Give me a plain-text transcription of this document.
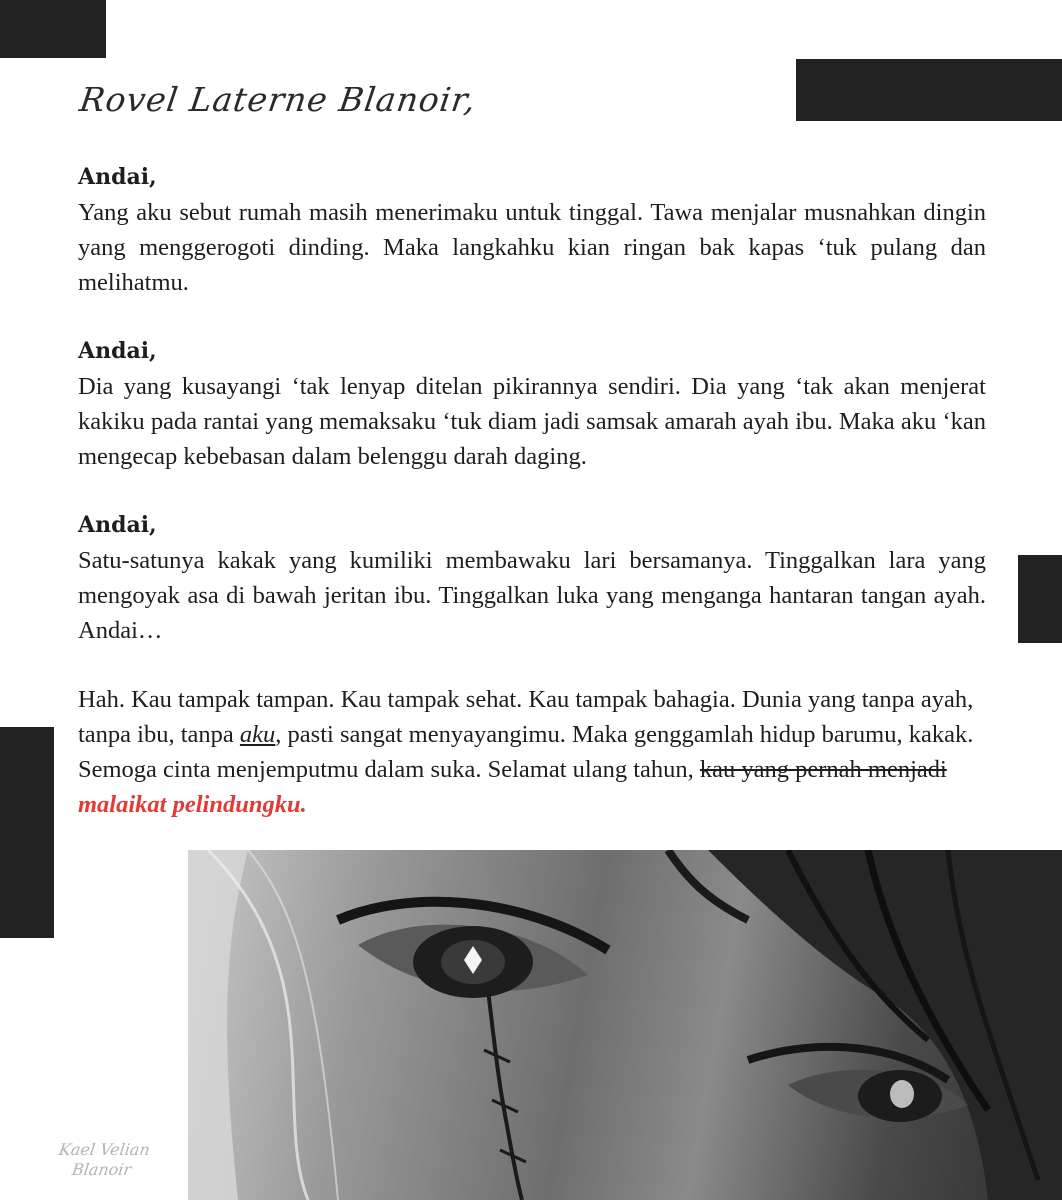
Rovel Laterne Blanoir,

Andai,
Yang aku sebut rumah masih menerimaku untuk tinggal. Tawa menjalar musnahkan dingin yang menggerogoti dinding. Maka langkahku kian ringan bak kapas ‘tuk pulang dan melihatmu.

Andai,
Dia yang kusayangi ‘tak lenyap ditelan pikirannya sendiri. Dia yang ‘tak akan menjerat kakiku pada rantai yang memaksaku ‘tuk diam jadi samsak amarah ayah ibu. Maka aku ‘kan mengecap kebebasan dalam belenggu darah daging.

Andai,
Satu-satunya kakak yang kumiliki membawaku lari bersamanya. Tinggalkan lara yang mengoyak asa di bawah jeritan ibu. Tinggalkan luka yang menganga hantaran tangan ayah. Andai…

Hah. Kau tampak tampan. Kau tampak sehat. Kau tampak bahagia. Dunia yang tanpa ayah, tanpa ibu, tanpa aku, pasti sangat menyayangimu. Maka genggamlah hidup barumu, kakak. Semoga cinta menjemputmu dalam suka. Selamat ulang tahun, kau yang pernah menjadi malaikat pelindungku.

Kael Velian
Blanoir
